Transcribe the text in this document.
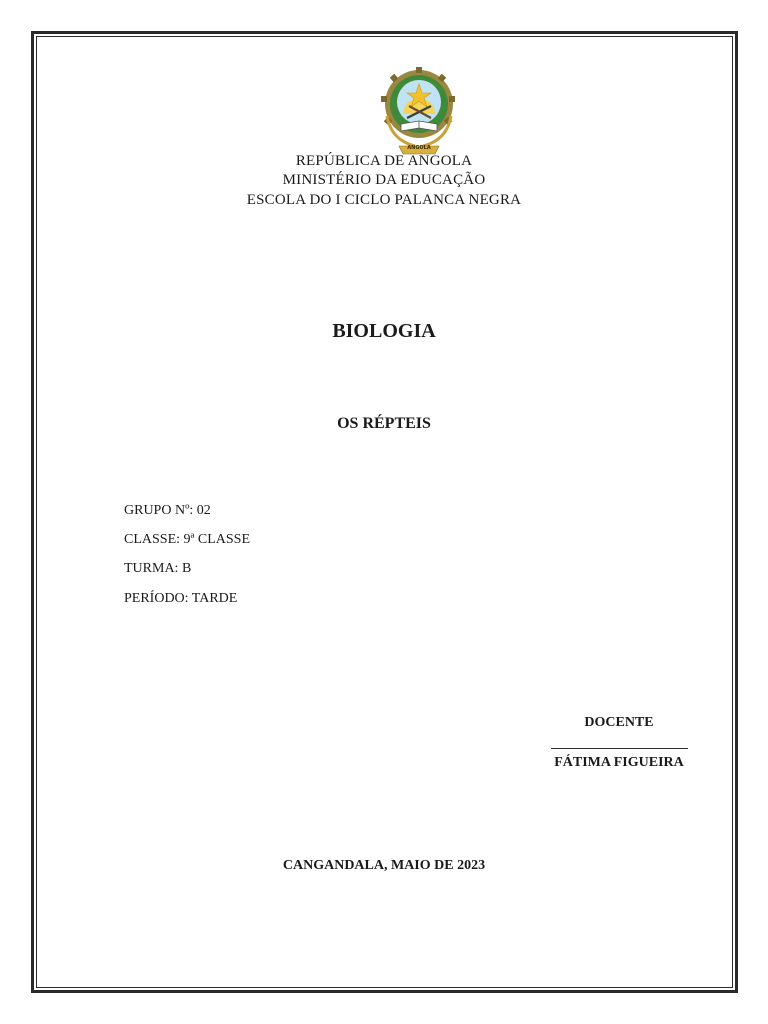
ANGOLA
REPÚBLICA DE ANGOLA
MINISTÉRIO DA EDUCAÇÃO
ESCOLA DO I CICLO PALANCA NEGRA
BIOLOGIA
OS RÉPTEIS
GRUPO Nº: 02
CLASSE: 9ª CLASSE
TURMA: B
PERÍODO: TARDE
DOCENTE
FÁTIMA FIGUEIRA
CANGANDALA, MAIO DE 2023
